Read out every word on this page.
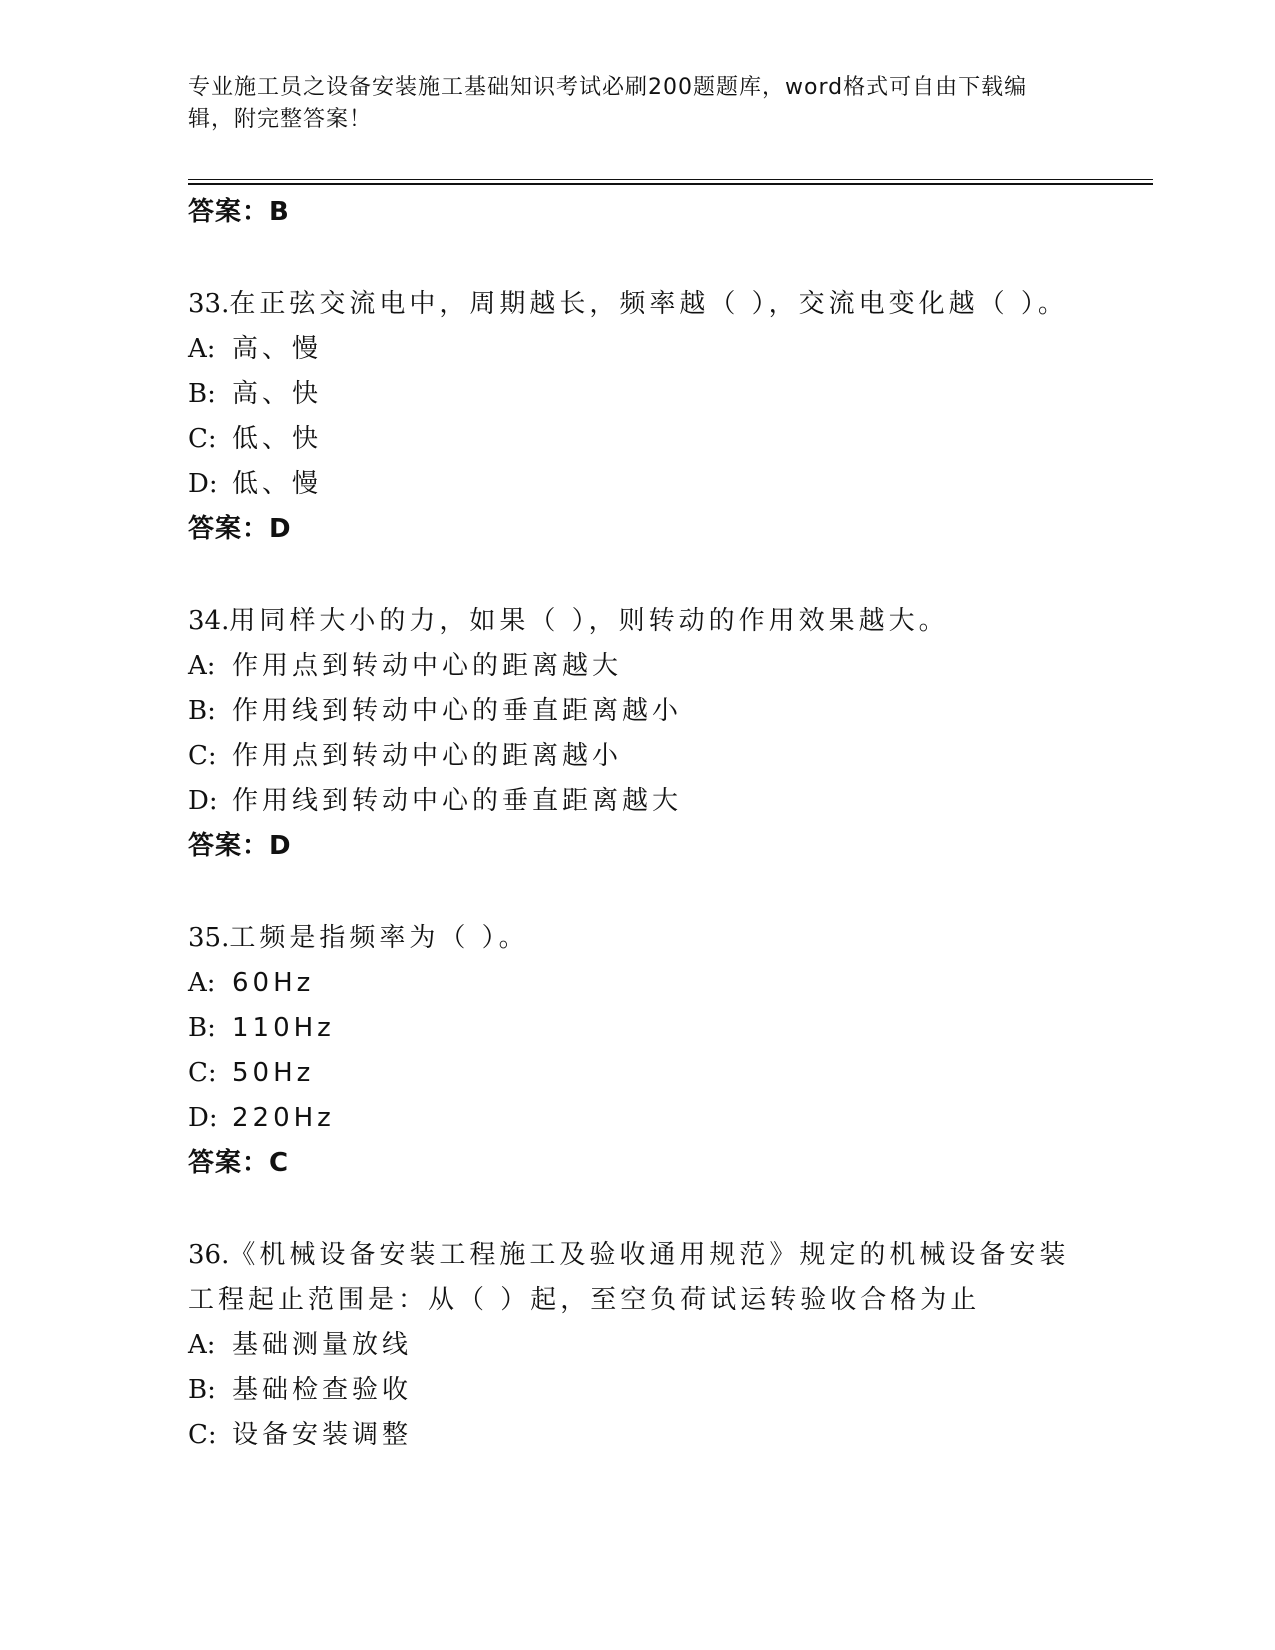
专业施工员之设备安装施工基础知识考试必刷200题题库，word格式可自由下载编辑，附完整答案！
答案：B
33.在正弦交流电中，周期越长，频率越（ ），交流电变化越（ ）。
A: 高、慢
B: 高、快
C: 低、快
D: 低、慢
答案：D
34.用同样大小的力，如果（ ），则转动的作用效果越大。
A: 作用点到转动中心的距离越大
B: 作用线到转动中心的垂直距离越小
C: 作用点到转动中心的距离越小
D: 作用线到转动中心的垂直距离越大
答案：D
35.工频是指频率为（ ）。
A: 60Hz
B: 110Hz
C: 50Hz
D: 220Hz
答案：C
36.《机械设备安装工程施工及验收通用规范》规定的机械设备安装工程起止范围是：从（ ）起，至空负荷试运转验收合格为止
A: 基础测量放线
B: 基础检查验收
C: 设备安装调整
